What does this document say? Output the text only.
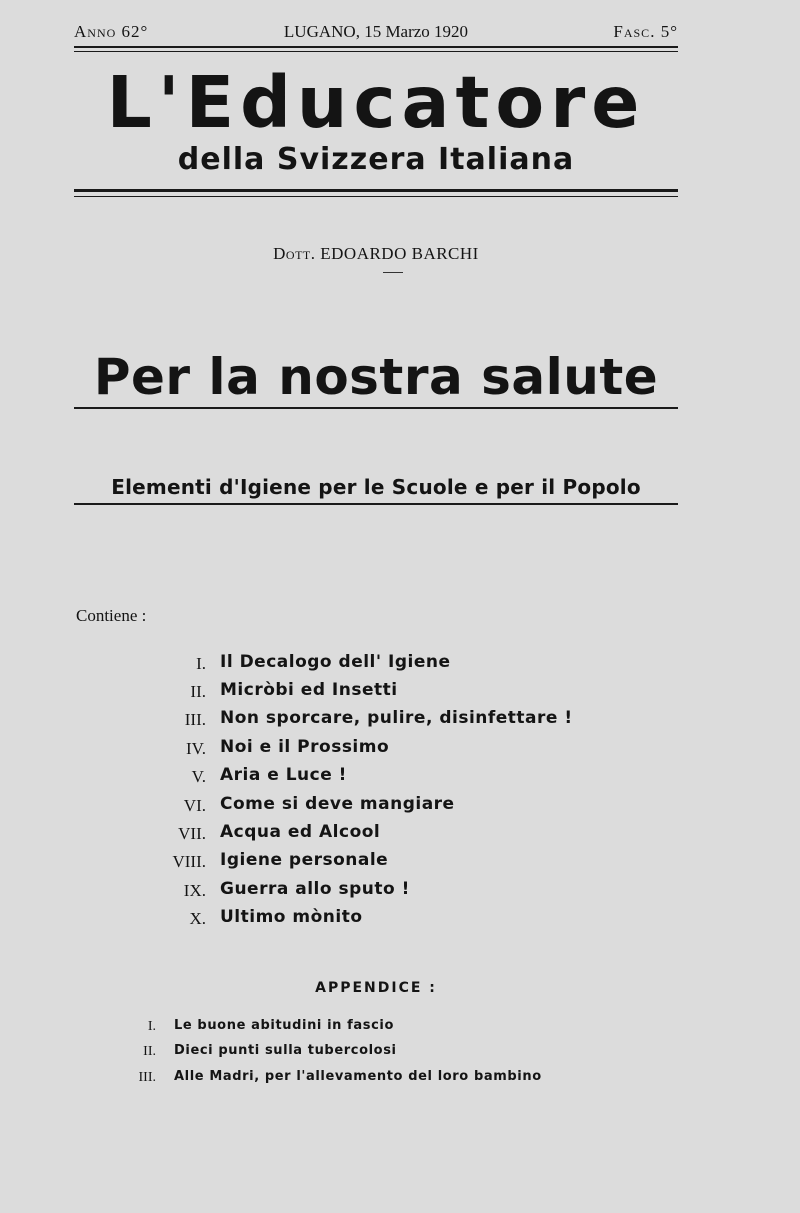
Anno 62°	LUGANO, 15 Marzo 1920	Fasc. 5°
L'Educatore
della Svizzera Italiana
Dott. EDOARDO BARCHI
Per la nostra salute
Elementi d'Igiene per le Scuole e per il Popolo
Contiene :
I. Il Decalogo dell' Igiene
II. Micròbi ed Insetti
III. Non sporcare, pulire, disinfettare !
IV. Noi e il Prossimo
V. Aria e Luce !
VI. Come si deve mangiare
VII. Acqua ed Alcool
VIII. Igiene personale
IX. Guerra allo sputo !
X. Ultimo mònito
APPENDICE :
I. Le buone abitudini in fascio
II. Dieci punti sulla tubercolosi
III. Alle Madri, per l'allevamento del loro bambino
